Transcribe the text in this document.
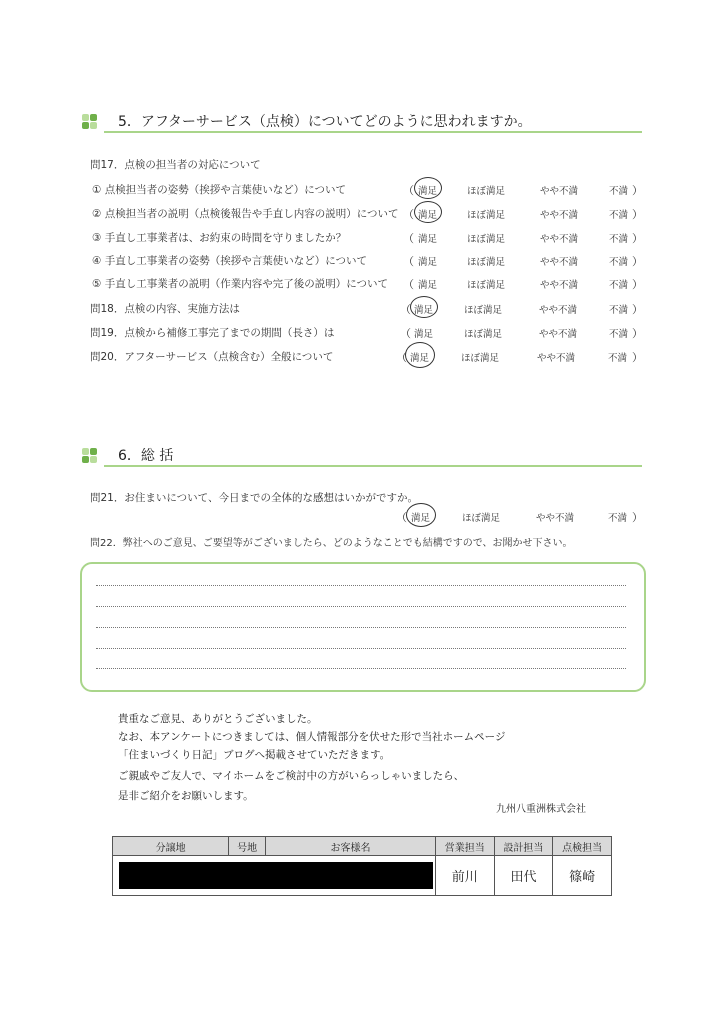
5．アフターサービス（点検）についてどのように思われますか。
問17．点検の担当者の対応について
① 点検担当者の姿勢（挨拶や言葉使いなど）について	（ 満足	ほぼ満足	やや不満	不満 ）
② 点検担当者の説明（点検後報告や手直し内容の説明）について （ 満足	ほぼ満足	やや不満	不満 ）
③ 手直し工事業者は、お約束の時間を守りましたか？	（ 満足	ほぼ満足	やや不満	不満 ）
④ 手直し工事業者の姿勢（挨拶や言葉使いなど）について	（ 満足	ほぼ満足	やや不満	不満 ）
⑤ 手直し工事業者の説明（作業内容や完了後の説明）について （ 満足	ほぼ満足	やや不満	不満 ）
問18．点検の内容、実施方法は	（ 満足	ほぼ満足	やや不満	不満 ）
問19．点検から補修工事完了までの期間（長さ）は	（ 満足	ほぼ満足	やや不満	不満 ）
問20．アフターサービス（点検含む）全般について	（ 満足	ほぼ満足	やや不満	不満 ）
6．総 括
問21．お住まいについて、今日までの全体的な感想はいかがですか。
（ 満足	ほぼ満足	やや不満	不満 ）
問22．弊社へのご意見、ご要望等がございましたら、どのようなことでも結構ですので、お聞かせ下さい。
貴重なご意見、ありがとうございました。
なお、本アンケートにつきましては、個人情報部分を伏せた形で当社ホームページ
「住まいづくり日記」ブログへ掲載させていただきます。
ご親戚やご友人で、マイホームをご検討中の方がいらっしゃいましたら、
是非ご紹介をお願いします。
九州八重洲株式会社
分譲地	号地	お客様名	営業担当	設計担当	点検担当

			前川	田代	篠崎
